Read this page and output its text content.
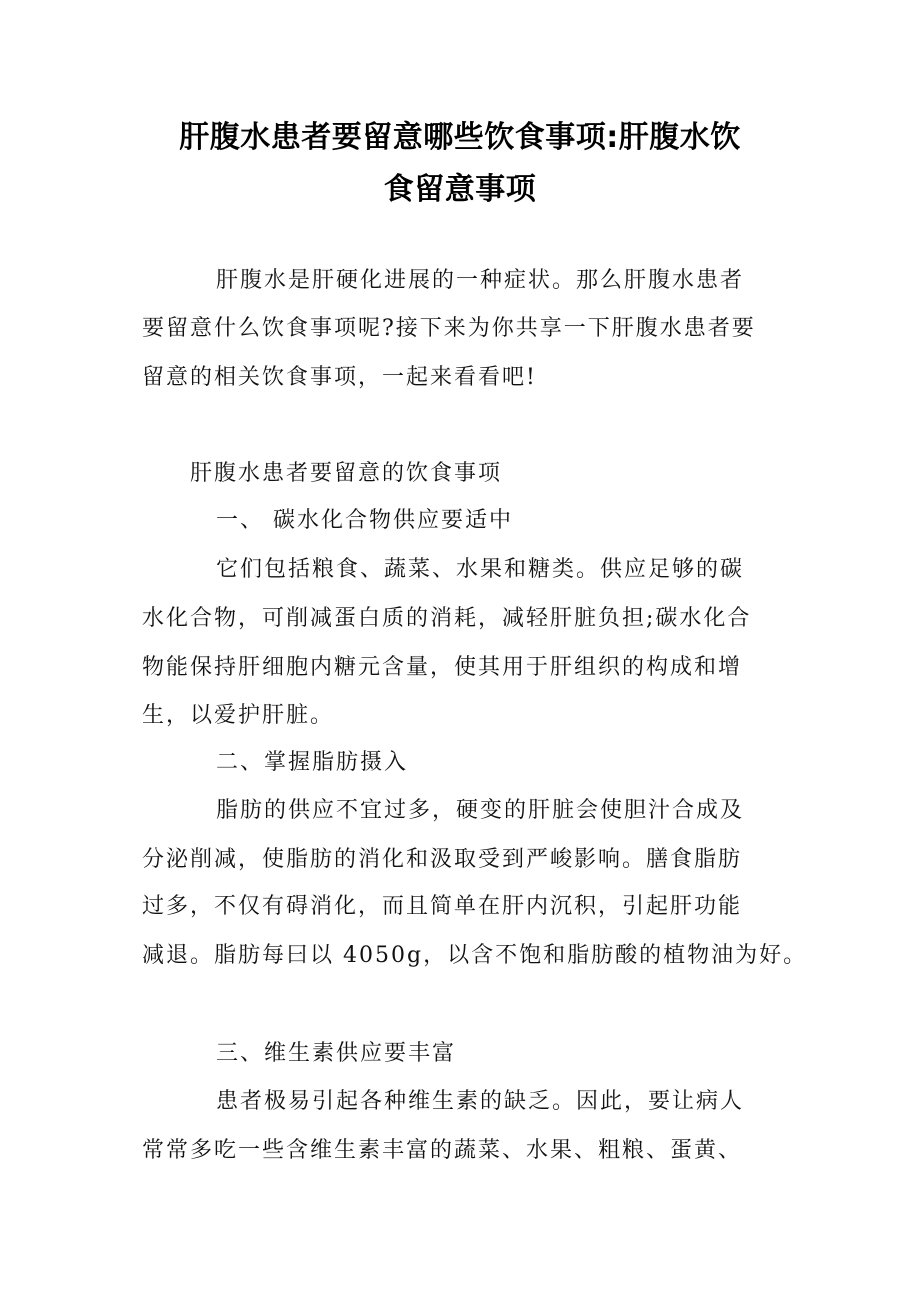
肝腹水患者要留意哪些饮食事项:肝腹水饮
食留意事项
肝腹水是肝硬化进展的一种症状。那么肝腹水患者
要留意什么饮食事项呢?接下来为你共享一下肝腹水患者要
留意的相关饮食事项，一起来看看吧!
肝腹水患者要留意的饮食事项
一、 碳水化合物供应要适中
它们包括粮食、蔬菜、水果和糖类。供应足够的碳
水化合物，可削减蛋白质的消耗，减轻肝脏负担;碳水化合
物能保持肝细胞内糖元含量，使其用于肝组织的构成和增
生，以爱护肝脏。
二、掌握脂肪摄入
脂肪的供应不宜过多，硬变的肝脏会使胆汁合成及
分泌削减，使脂肪的消化和汲取受到严峻影响。膳食脂肪
过多，不仅有碍消化，而且简单在肝内沉积，引起肝功能
减退。脂肪每曰以 4050g，以含不饱和脂肪酸的植物油为好。
三、维生素供应要丰富
患者极易引起各种维生素的缺乏。因此，要让病人
常常多吃一些含维生素丰富的蔬菜、水果、粗粮、蛋黄、
